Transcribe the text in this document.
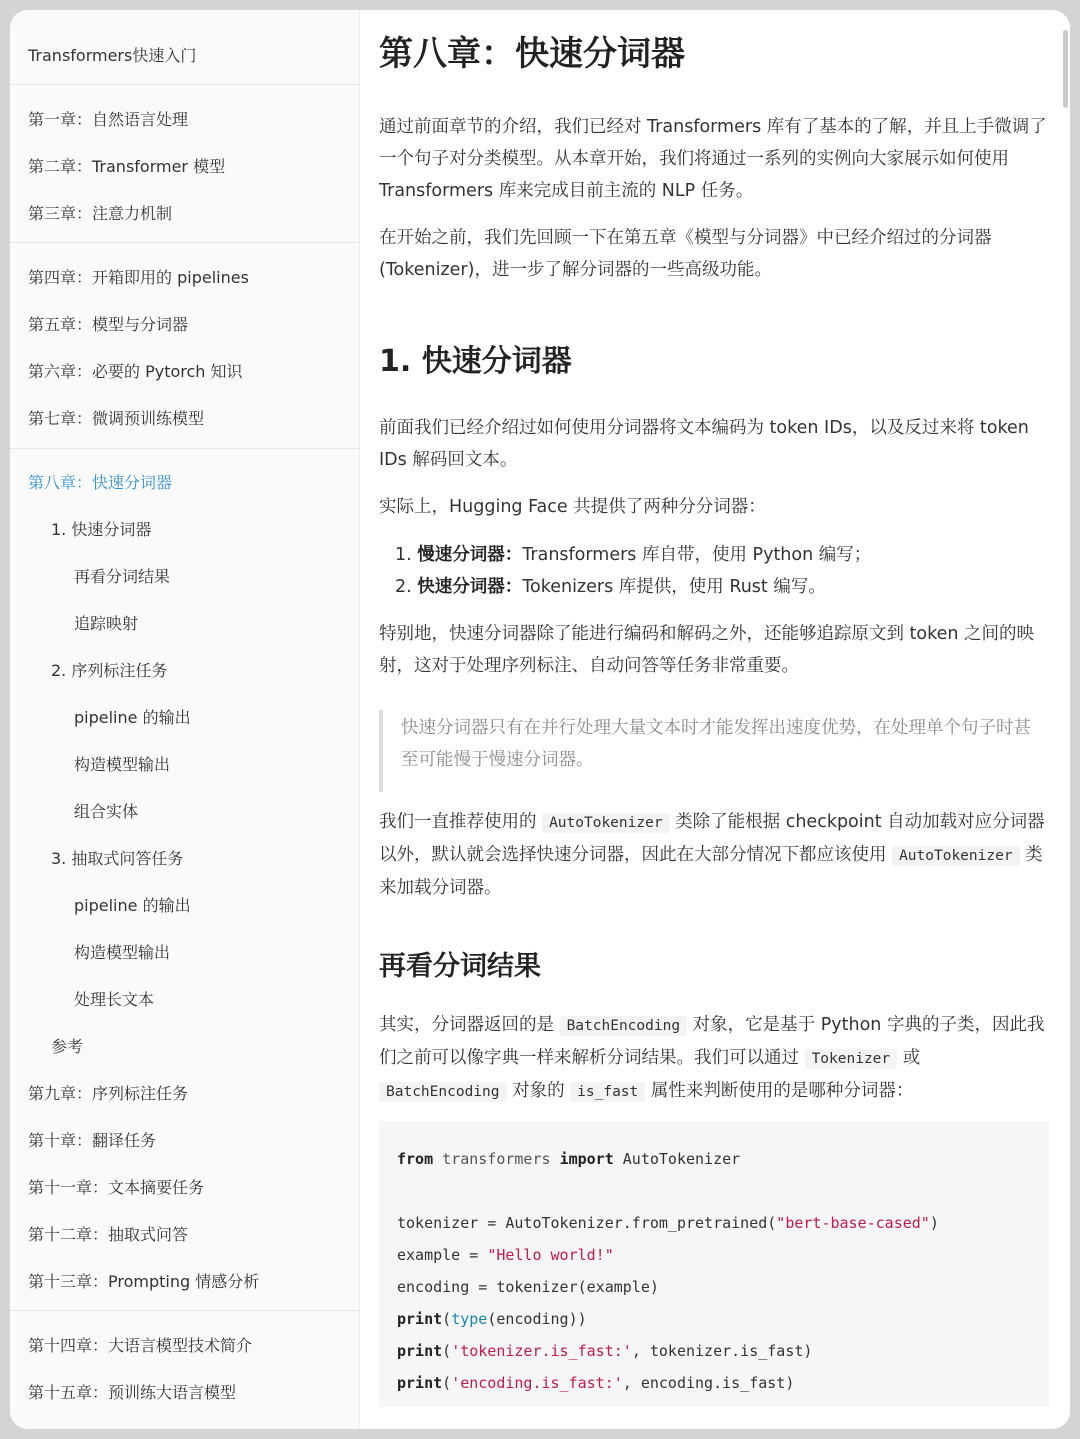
Transformers快速入门
第一章：自然语言处理
第二章：Transformer 模型
第三章：注意力机制
第四章：开箱即用的 pipelines
第五章：模型与分词器
第六章：必要的 Pytorch 知识
第七章：微调预训练模型
第八章：快速分词器
1. 快速分词器
再看分词结果
追踪映射
2. 序列标注任务
pipeline 的输出
构造模型输出
组合实体
3. 抽取式问答任务
pipeline 的输出
构造模型输出
处理长文本
参考
第九章：序列标注任务
第十章：翻译任务
第十一章：文本摘要任务
第十二章：抽取式问答
第十三章：Prompting 情感分析
第十四章：大语言模型技术简介
第十五章：预训练大语言模型
第八章：快速分词器

通过前面章节的介绍，我们已经对 Transformers 库有了基本的了解，并且上手微调了一个句子对分类模型。从本章开始，我们将通过一系列的实例向大家展示如何使用 Transformers 库来完成目前主流的 NLP 任务。

在开始之前，我们先回顾一下在第五章《模型与分词器》中已经介绍过的分词器(Tokenizer)，进一步了解分词器的一些高级功能。

1. 快速分词器

前面我们已经介绍过如何使用分词器将文本编码为 token IDs，以及反过来将 token IDs 解码回文本。

实际上，Hugging Face 共提供了两种分分词器：

1. 慢速分词器：Transformers 库自带，使用 Python 编写；
2. 快速分词器：Tokenizers 库提供，使用 Rust 编写。

特别地，快速分词器除了能进行编码和解码之外，还能够追踪原文到 token 之间的映射，这对于处理序列标注、自动问答等任务非常重要。

快速分词器只有在并行处理大量文本时才能发挥出速度优势，在处理单个句子时甚至可能慢于慢速分词器。

我们一直推荐使用的 AutoTokenizer 类除了能根据 checkpoint 自动加载对应分词器以外，默认就会选择快速分词器，因此在大部分情况下都应该使用 AutoTokenizer 类来加载分词器。

再看分词结果

其实，分词器返回的是 BatchEncoding 对象，它是基于 Python 字典的子类，因此我们之前可以像字典一样来解析分词结果。我们可以通过 Tokenizer 或 BatchEncoding 对象的 is_fast 属性来判断使用的是哪种分词器：

from transformers import AutoTokenizer
tokenizer = AutoTokenizer.from_pretrained("bert-base-cased")
example = "Hello world!"
encoding = tokenizer(example)
print(type(encoding))
print('tokenizer.is_fast:', tokenizer.is_fast)
print('encoding.is_fast:', encoding.is_fast)
